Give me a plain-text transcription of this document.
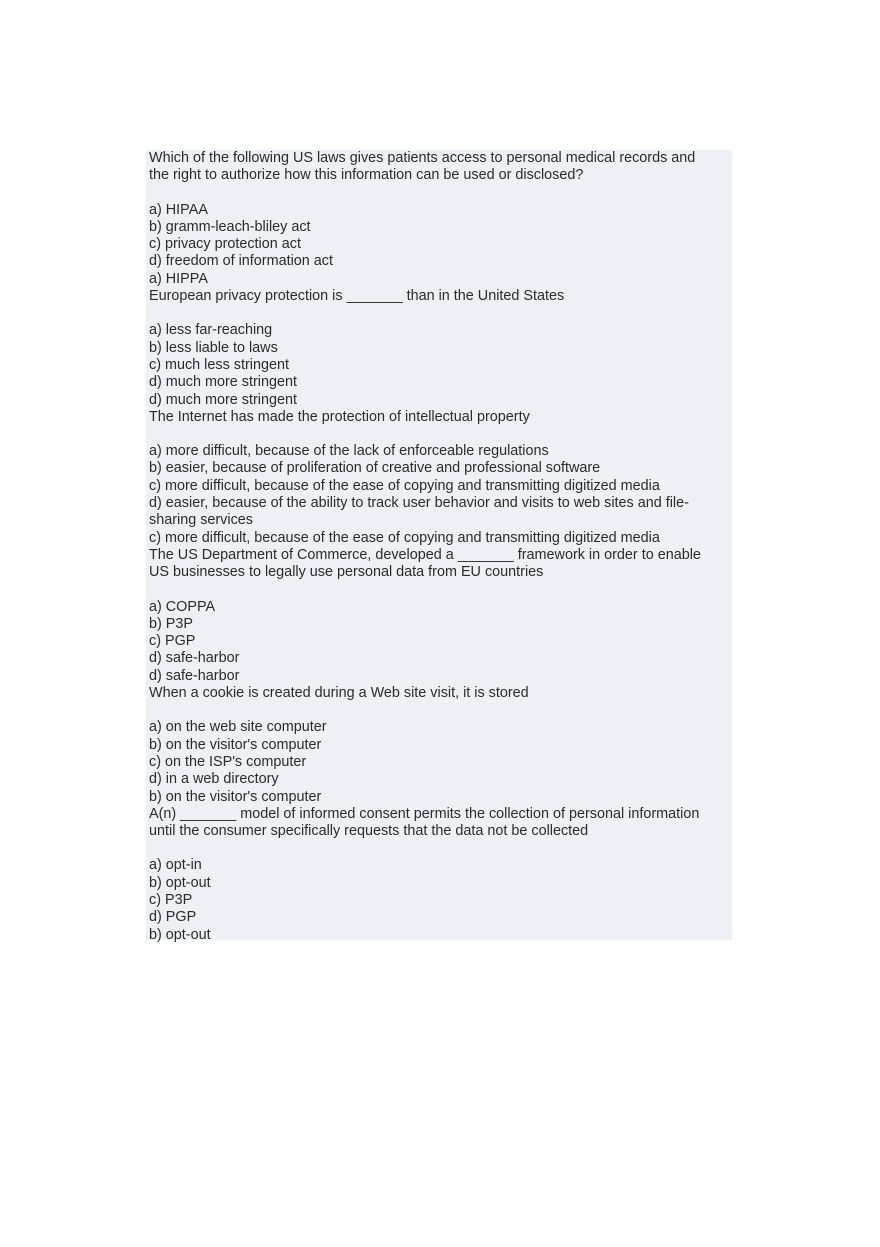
Which of the following US laws gives patients access to personal medical records and
the right to authorize how this information can be used or disclosed?
a) HIPAA
b) gramm-leach-bliley act
c) privacy protection act
d) freedom of information act
a) HIPPA
European privacy protection is _______ than in the United States
a) less far-reaching
b) less liable to laws
c) much less stringent
d) much more stringent
d) much more stringent
The Internet has made the protection of intellectual property
a) more difficult, because of the lack of enforceable regulations
b) easier, because of proliferation of creative and professional software
c) more difficult, because of the ease of copying and transmitting digitized media
d) easier, because of the ability to track user behavior and visits to web sites and file-
sharing services
c) more difficult, because of the ease of copying and transmitting digitized media
The US Department of Commerce, developed a _______ framework in order to enable
US businesses to legally use personal data from EU countries
a) COPPA
b) P3P
c) PGP
d) safe-harbor
d) safe-harbor
When a cookie is created during a Web site visit, it is stored
a) on the web site computer
b) on the visitor's computer
c) on the ISP's computer
d) in a web directory
b) on the visitor's computer
A(n) _______ model of informed consent permits the collection of personal information
until the consumer specifically requests that the data not be collected
a) opt-in
b) opt-out
c) P3P
d) PGP
b) opt-out
